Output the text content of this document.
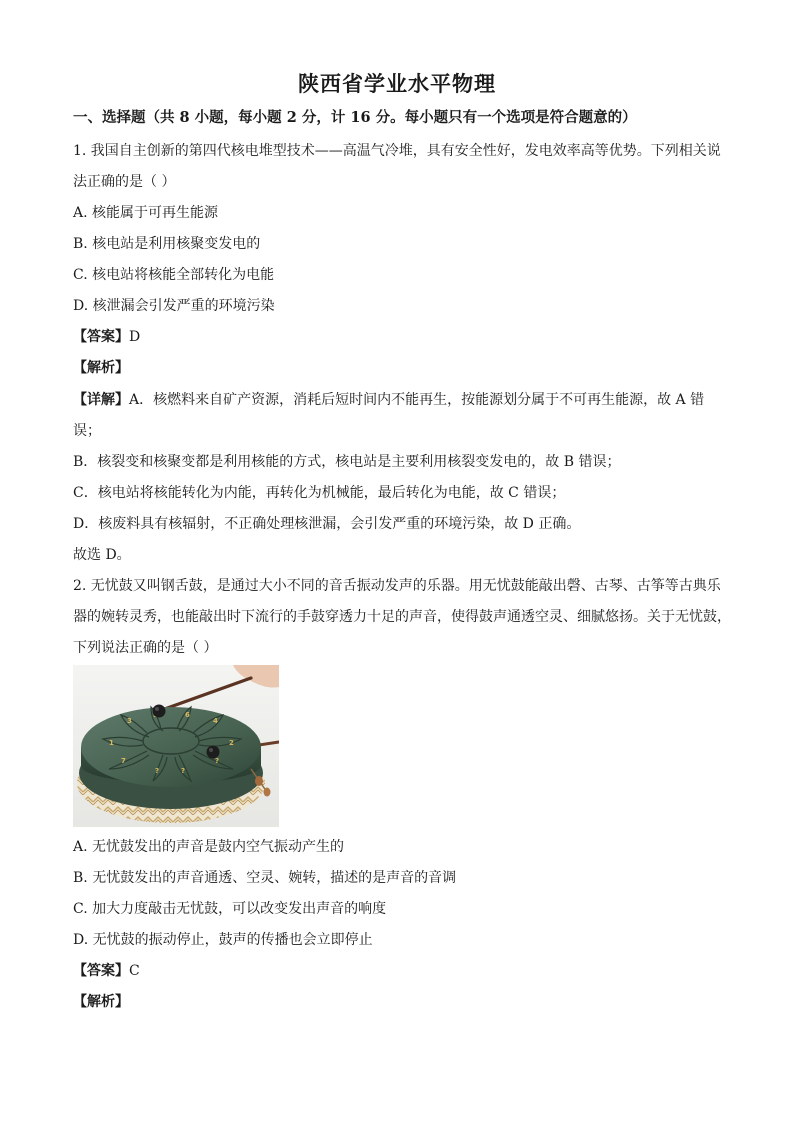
陕西省学业水平物理
一、选择题（共 8 小题，每小题 2 分，计 16 分。每小题只有一个选项是符合题意的）
1. 我国自主创新的第四代核电堆型技术——高温气冷堆，具有安全性好，发电效率高等优势。下列相关说
法正确的是（ ）
A. 核能属于可再生能源
B. 核电站是利用核聚变发电的
C. 核电站将核能全部转化为电能
D. 核泄漏会引发严重的环境污染
【答案】D
【解析】
【详解】A．核燃料来自矿产资源，消耗后短时间内不能再生，按能源划分属于不可再生能源，故 A 错
误；
B．核裂变和核聚变都是利用核能的方式，核电站是主要利用核裂变发电的，故 B 错误；
C．核电站将核能转化为内能，再转化为机械能，最后转化为电能，故 C 错误；
D．核废料具有核辐射，不正确处理核泄漏，会引发严重的环境污染，故 D 正确。
故选 D。
2. 无忧鼓又叫钢舌鼓，是通过大小不同的音舌振动发声的乐器。用无忧鼓能敲出磬、古琴、古筝等古典乐
器的婉转灵秀，也能敲出时下流行的手鼓穿透力十足的声音，使得鼓声通透空灵、细腻悠扬。关于无忧鼓，
下列说法正确的是（ ）
1
3
6
4
2
7
?	?
?
A. 无忧鼓发出的声音是鼓内空气振动产生的
B. 无忧鼓发出的声音通透、空灵、婉转，描述的是声音的音调
C. 加大力度敲击无忧鼓，可以改变发出声音的响度
D. 无忧鼓的振动停止，鼓声的传播也会立即停止
【答案】C
【解析】
